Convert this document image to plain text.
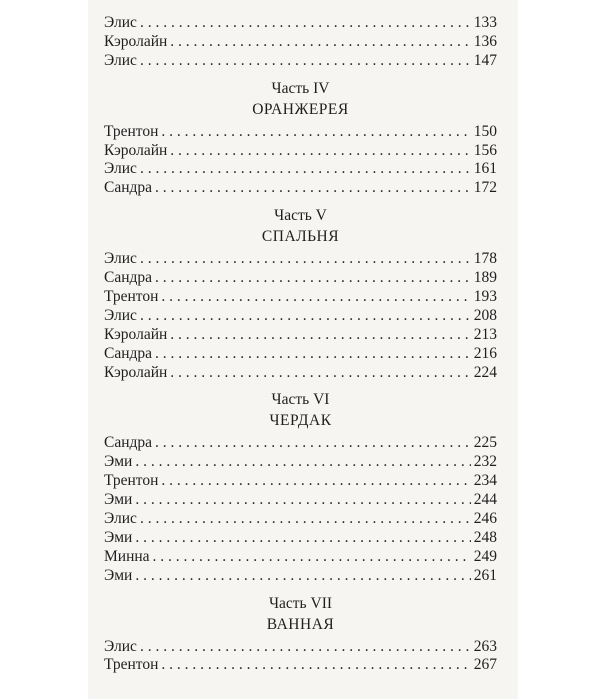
Элис . . .	133
Кэролайн . . .	136
Элис . . .	147
Часть IV
ОРАНЖЕРЕЯ
Трентон . . .	150
Кэролайн . . .	156
Элис . . .	161
Сандра . . .	172
Часть V
СПАЛЬНЯ
Элис . . .	178
Сандра . . .	189
Трентон . . .	193
Элис . . .	208
Кэролайн . . .	213
Сандра . . .	216
Кэролайн . . .	224
Часть VI
ЧЕРДАК
Сандра . . .	225
Эми . . .	232
Трентон . . .	234
Эми . . .	244
Элис . . .	246
Эми . . .	248
Минна . . .	249
Эми . . .	261
Часть VII
ВАННАЯ
Элис . . .	263
Трентон . . .	267
